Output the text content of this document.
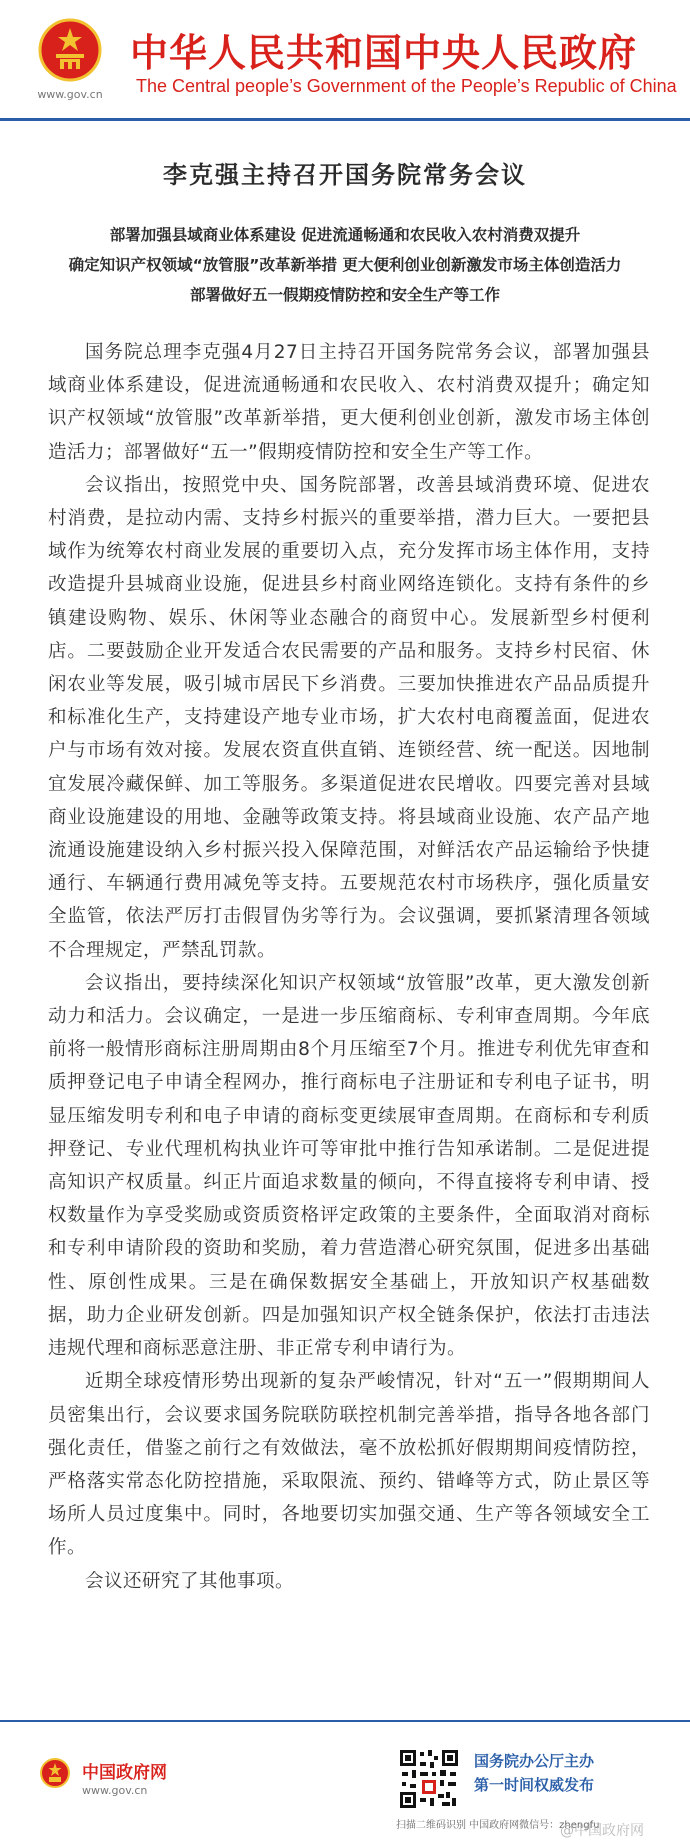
www.gov.cn
中华人民共和国中央人民政府
The Central people’s Government of the People’s Republic of China
李克强主持召开国务院常务会议
部署加强县域商业体系建设 促进流通畅通和农民收入农村消费双提升
确定知识产权领域“放管服”改革新举措 更大便利创业创新激发市场主体创造活力
部署做好五一假期疫情防控和安全生产等工作

国务院总理李克强4月27日主持召开国务院常务会议，部署加强县域商业体系建设，促进流通畅通和农民收入、农村消费双提升；确定知识产权领域“放管服”改革新举措，更大便利创业创新，激发市场主体创造活力；部署做好“五一”假期疫情防控和安全生产等工作。

会议指出，按照党中央、国务院部署，改善县域消费环境、促进农村消费，是拉动内需、支持乡村振兴的重要举措，潜力巨大。一要把县域作为统筹农村商业发展的重要切入点，充分发挥市场主体作用，支持改造提升县城商业设施，促进县乡村商业网络连锁化。支持有条件的乡镇建设购物、娱乐、休闲等业态融合的商贸中心。发展新型乡村便利店。二要鼓励企业开发适合农民需要的产品和服务。支持乡村民宿、休闲农业等发展，吸引城市居民下乡消费。三要加快推进农产品品质提升和标准化生产，支持建设产地专业市场，扩大农村电商覆盖面，促进农户与市场有效对接。发展农资直供直销、连锁经营、统一配送。因地制宜发展冷藏保鲜、加工等服务。多渠道促进农民增收。四要完善对县域商业设施建设的用地、金融等政策支持。将县域商业设施、农产品产地流通设施建设纳入乡村振兴投入保障范围，对鲜活农产品运输给予快捷通行、车辆通行费用减免等支持。五要规范农村市场秩序，强化质量安全监管，依法严厉打击假冒伪劣等行为。会议强调，要抓紧清理各领域不合理规定，严禁乱罚款。

会议指出，要持续深化知识产权领域“放管服”改革，更大激发创新动力和活力。会议确定，一是进一步压缩商标、专利审查周期。今年底前将一般情形商标注册周期由8个月压缩至7个月。推进专利优先审查和质押登记电子申请全程网办，推行商标电子注册证和专利电子证书，明显压缩发明专利和电子申请的商标变更续展审查周期。在商标和专利质押登记、专业代理机构执业许可等审批中推行告知承诺制。二是促进提高知识产权质量。纠正片面追求数量的倾向，不得直接将专利申请、授权数量作为享受奖励或资质资格评定政策的主要条件，全面取消对商标和专利申请阶段的资助和奖励，着力营造潜心研究氛围，促进多出基础性、原创性成果。三是在确保数据安全基础上，开放知识产权基础数据，助力企业研发创新。四是加强知识产权全链条保护，依法打击违法违规代理和商标恶意注册、非正常专利申请行为。

近期全球疫情形势出现新的复杂严峻情况，针对“五一”假期期间人员密集出行，会议要求国务院联防联控机制完善举措，指导各地各部门强化责任，借鉴之前行之有效做法，毫不放松抓好假期期间疫情防控，严格落实常态化防控措施，采取限流、预约、错峰等方式，防止景区等场所人员过度集中。同时，各地要切实加强交通、生产等各领域安全工作。

会议还研究了其他事项。

中国政府网
www.gov.cn
国务院办公厅主办
第一时间权威发布
扫描二维码识别 中国政府网微信号：zhengfu
@中国政府网
